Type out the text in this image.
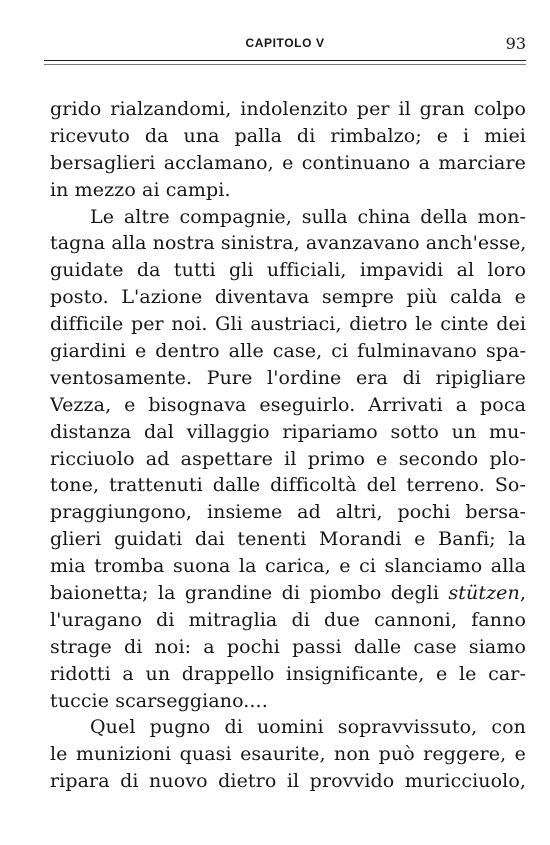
CAPITOLO V	93
grido rialzandomi, indolenzito per il gran colpo
ricevuto da una palla di rimbalzo; e i miei
bersaglieri acclamano, e continuano a marciare
in mezzo ai campi.
Le altre compagnie, sulla china della mon-
tagna alla nostra sinistra, avanzavano anch'esse,
guidate da tutti gli ufficiali, impavidi al loro
posto. L'azione diventava sempre più calda e
difficile per noi. Gli austriaci, dietro le cinte dei
giardini e dentro alle case, ci fulminavano spa-
ventosamente. Pure l'ordine era di ripigliare
Vezza, e bisognava eseguirlo. Arrivati a poca
distanza dal villaggio ripariamo sotto un mu-
ricciuolo ad aspettare il primo e secondo plo-
tone, trattenuti dalle difficoltà del terreno. So-
praggiungono, insieme ad altri, pochi bersa-
glieri guidati dai tenenti Morandi e Banfi; la
mia tromba suona la carica, e ci slanciamo alla
baionetta; la grandine di piombo degli stützen,
l'uragano di mitraglia di due cannoni, fanno
strage di noi: a pochi passi dalle case siamo
ridotti a un drappello insignificante, e le car-
tuccie scarseggiano....
Quel pugno di uomini sopravvissuto, con
le munizioni quasi esaurite, non può reggere, e
ripara di nuovo dietro il provvido muricciuolo,
